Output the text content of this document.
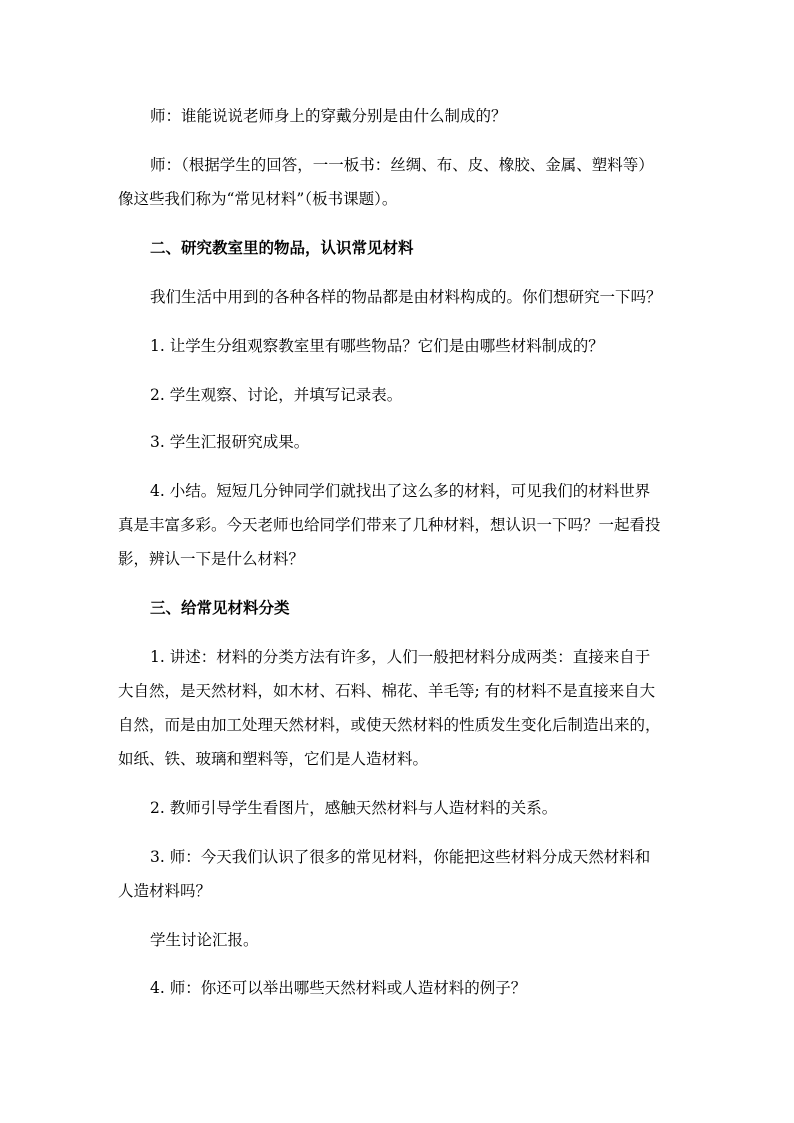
师：谁能说说老师身上的穿戴分别是由什么制成的？
师：（根据学生的回答，一一板书：丝绸、布、皮、橡胶、金属、塑料等）
像这些我们称为“常见材料”（板书课题）。
二、研究教室里的物品，认识常见材料
我们生活中用到的各种各样的物品都是由材料构成的。你们想研究一下吗？
1. 让学生分组观察教室里有哪些物品？它们是由哪些材料制成的？
2. 学生观察、讨论，并填写记录表。
3. 学生汇报研究成果。
4. 小结。短短几分钟同学们就找出了这么多的材料，可见我们的材料世界
真是丰富多彩。今天老师也给同学们带来了几种材料，想认识一下吗？一起看投
影，辨认一下是什么材料？
三、给常见材料分类
1. 讲述：材料的分类方法有许多，人们一般把材料分成两类：直接来自于
大自然，是天然材料，如木材、石料、棉花、羊毛等; 有的材料不是直接来自大
自然，而是由加工处理天然材料，或使天然材料的性质发生变化后制造出来的，
如纸、铁、玻璃和塑料等，它们是人造材料。
2. 教师引导学生看图片，感触天然材料与人造材料的关系。
3. 师：今天我们认识了很多的常见材料，你能把这些材料分成天然材料和
人造材料吗？
学生讨论汇报。
4. 师：你还可以举出哪些天然材料或人造材料的例子？
